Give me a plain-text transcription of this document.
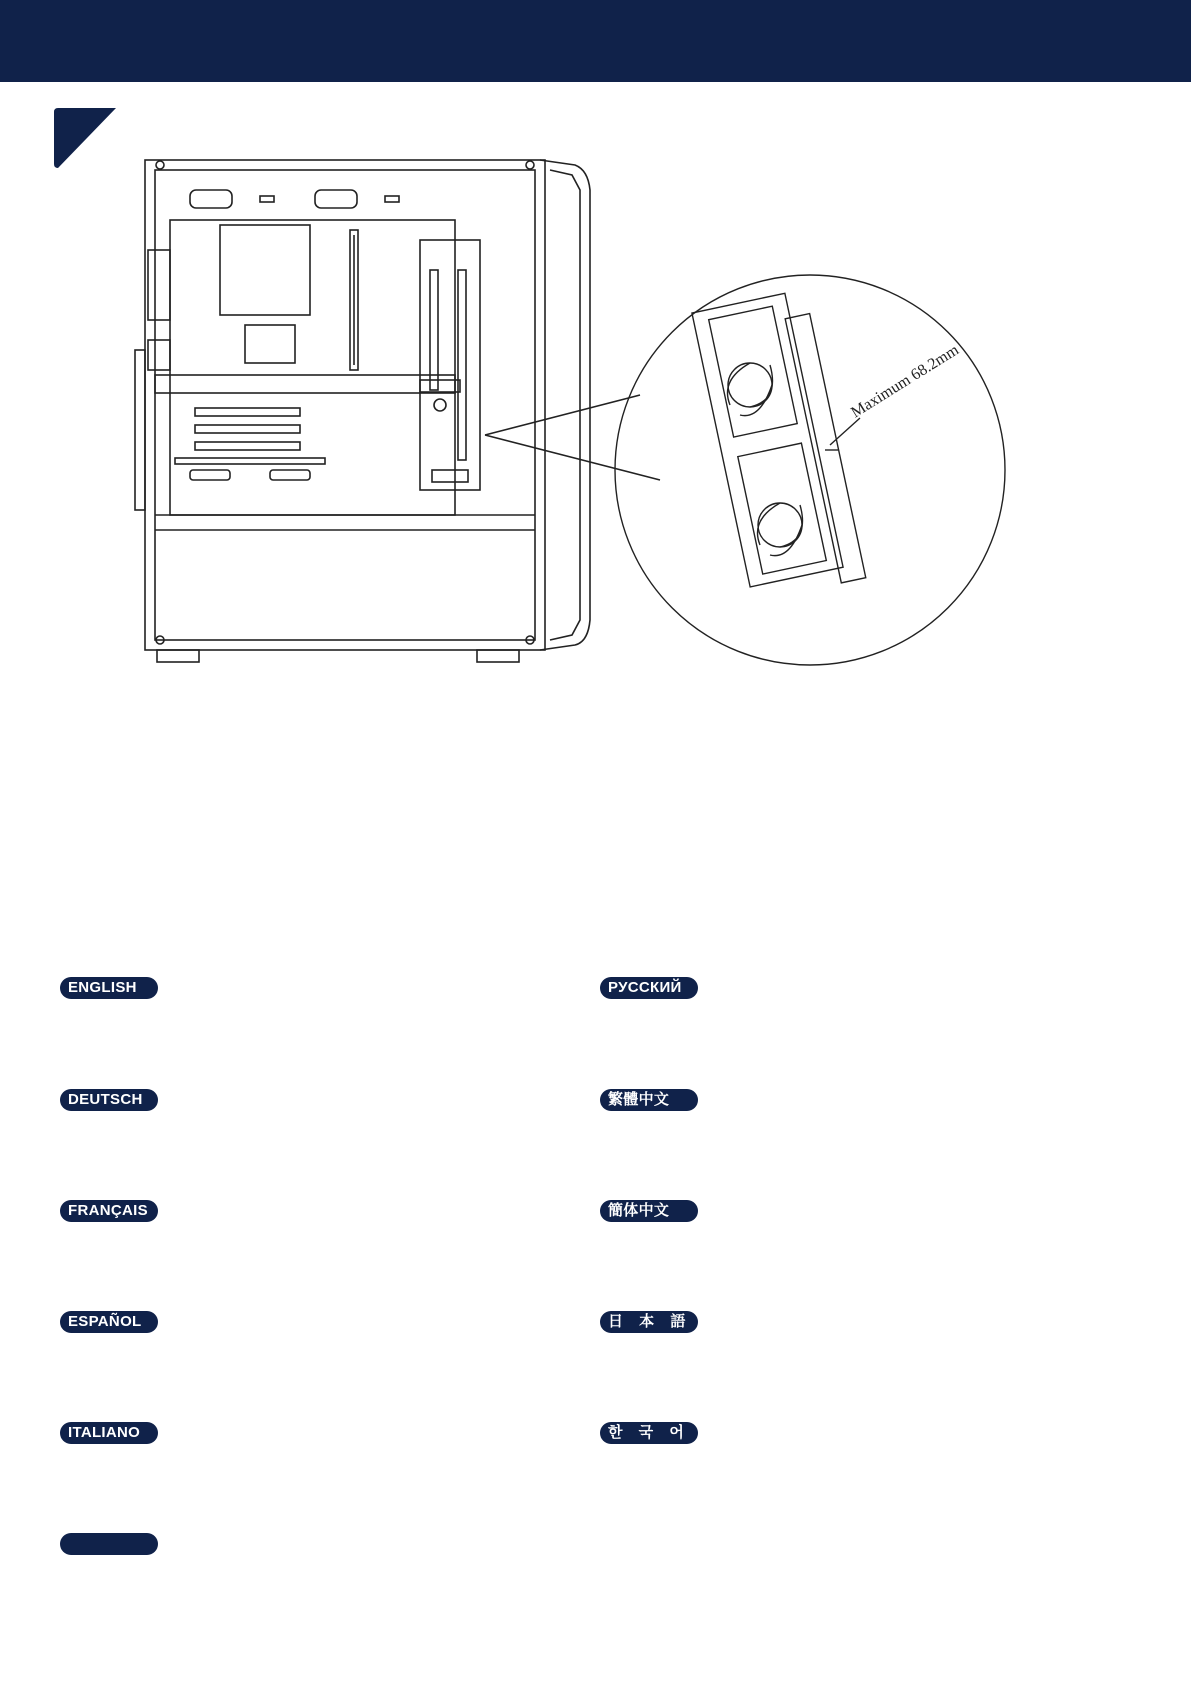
Maximum 68.2mm
ENGLISH
DEUTSCH
FRANÇAIS
ESPAÑOL
ITALIANO
РУССКИЙ
繁體中文
簡体中文
日 本 語
한 국 어
